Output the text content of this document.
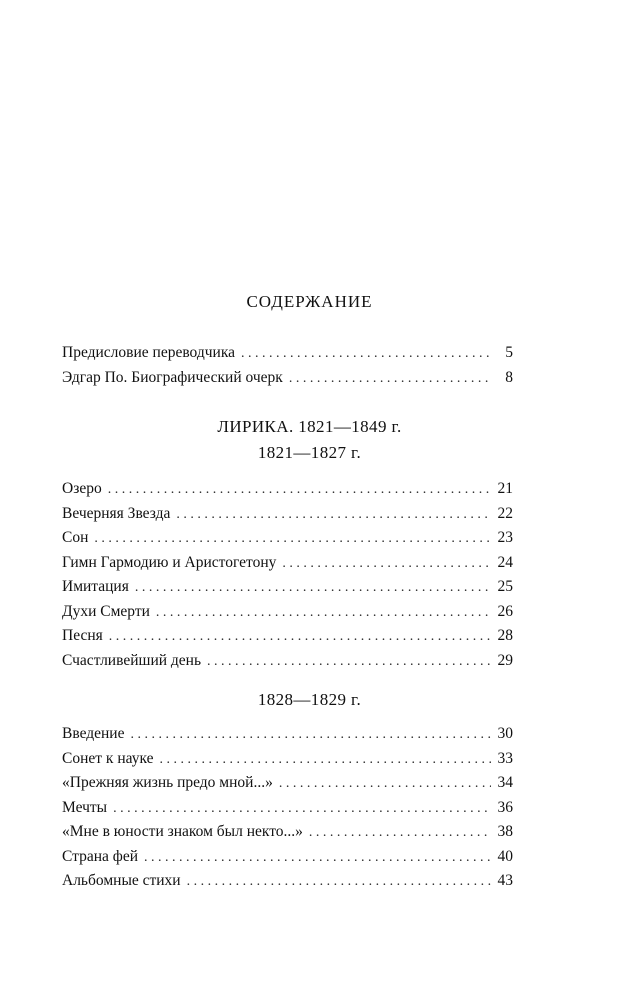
СОДЕРЖАНИЕ
Предисловие переводчика . . .	5
Эдгар По. Биографический очерк . . .	8
ЛИРИКА. 1821—1849 г.
1821—1827 г.
Озеро . . .	21
Вечерняя Звезда . . .	22
Сон . . .	23
Гимн Гармодию и Аристогетону . . .	24
Имитация . . .	25
Духи Смерти . . .	26
Песня . . .	28
Счастливейший день . . .	29
1828—1829 г.
Введение . . .	30
Сонет к науке . . .	33
«Прежняя жизнь предо мной...» . . .	34
Мечты . . .	36
«Мне в юности знаком был некто...» . . .	38
Страна фей . . .	40
Альбомные стихи . . .	43
